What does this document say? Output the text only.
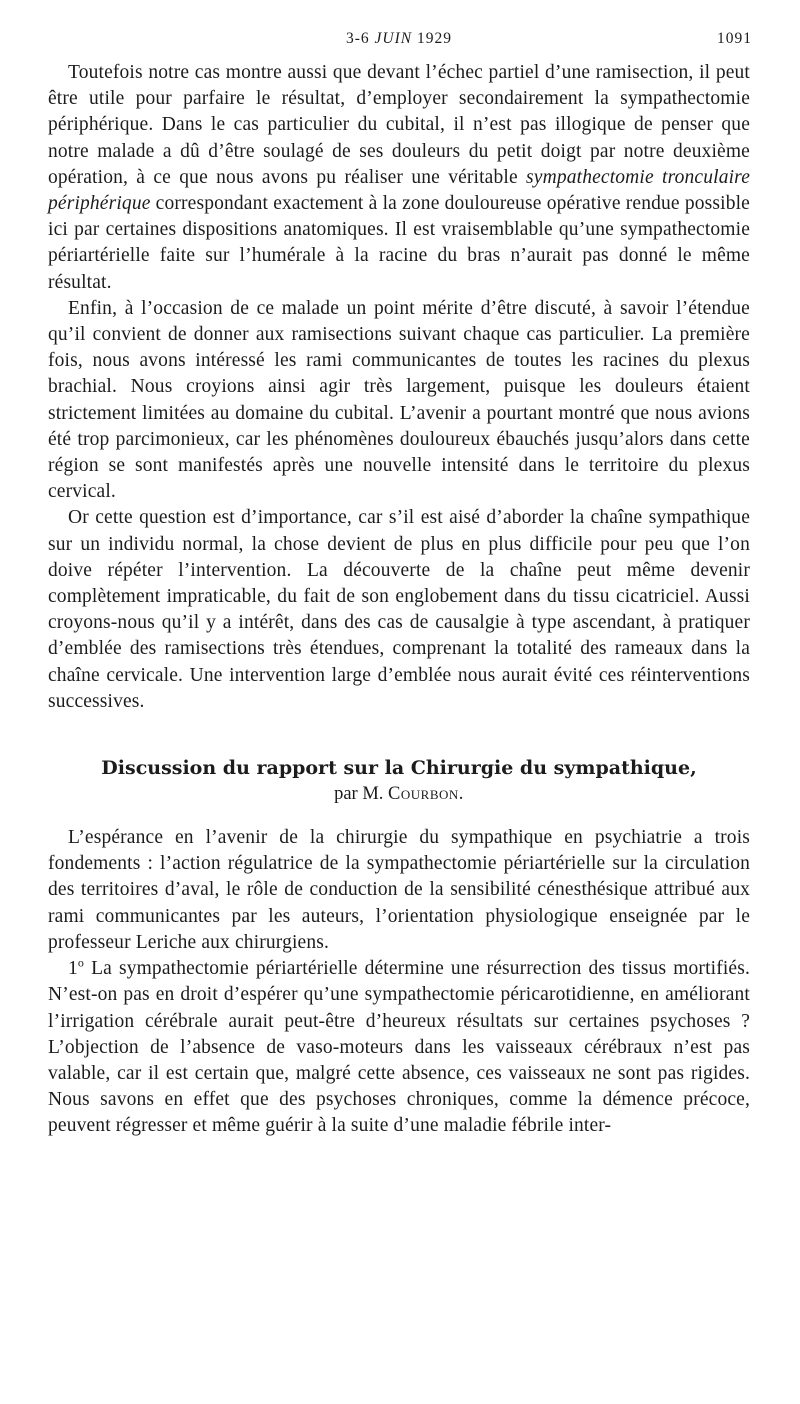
3-6 JUIN 1929	1091

Toutefois notre cas montre aussi que devant l’échec partiel d’une ramisection, il peut être utile pour parfaire le résultat, d’employer secondairement la sympathectomie périphérique. Dans le cas particulier du cubital, il n’est pas illogique de penser que notre malade a dû d’être soulagé de ses douleurs du petit doigt par notre deuxième opération, à ce que nous avons pu réaliser une véritable sympathectomie tronculaire périphérique correspondant exactement à la zone douloureuse opérative rendue possible ici par certaines dispositions anatomiques. Il est vraisemblable qu’une sympathectomie périartérielle faite sur l’humérale à la racine du bras n’aurait pas donné le même résultat.

Enfin, à l’occasion de ce malade un point mérite d’être discuté, à savoir l’étendue qu’il convient de donner aux ramisections suivant chaque cas particulier. La première fois, nous avons intéressé les rami communicantes de toutes les racines du plexus brachial. Nous croyions ainsi agir très largement, puisque les douleurs étaient strictement limitées au domaine du cubital. L’avenir a pourtant montré que nous avions été trop parcimonieux, car les phénomènes douloureux ébauchés jusqu’alors dans cette région se sont manifestés après une nouvelle intensité dans le territoire du plexus cervical.

Or cette question est d’importance, car s’il est aisé d’aborder la chaîne sympathique sur un individu normal, la chose devient de plus en plus difficile pour peu que l’on doive répéter l’intervention. La découverte de la chaîne peut même devenir complètement impraticable, du fait de son englobement dans du tissu cicatriciel. Aussi croyons-nous qu’il y a intérêt, dans des cas de causalgie à type ascendant, à pratiquer d’emblée des ramisections très étendues, comprenant la totalité des rameaux dans la chaîne cervicale. Une intervention large d’emblée nous aurait évité ces réinterventions successives.

Discussion du rapport sur la Chirurgie du sympathique,
par M. Courbon.

L’espérance en l’avenir de la chirurgie du sympathique en psychiatrie a trois fondements : l’action régulatrice de la sympathectomie périartérielle sur la circulation des territoires d’aval, le rôle de conduction de la sensibilité cénesthésique attribué aux rami communicantes par les auteurs, l’orientation physiologique enseignée par le professeur Leriche aux chirurgiens.

1$^o$ La sympathectomie périartérielle détermine une résurrection des tissus mortifiés. N’est-on pas en droit d’espérer qu’une sympathectomie péricarotidienne, en améliorant l’irrigation cérébrale aurait peut-être d’heureux résultats sur certaines psychoses ? L’objection de l’absence de vaso-moteurs dans les vaisseaux cérébraux n’est pas valable, car il est certain que, malgré cette absence, ces vaisseaux ne sont pas rigides. Nous savons en effet que des psychoses chroniques, comme la démence précoce, peuvent régresser et même guérir à la suite d’une maladie fébrile inter-
